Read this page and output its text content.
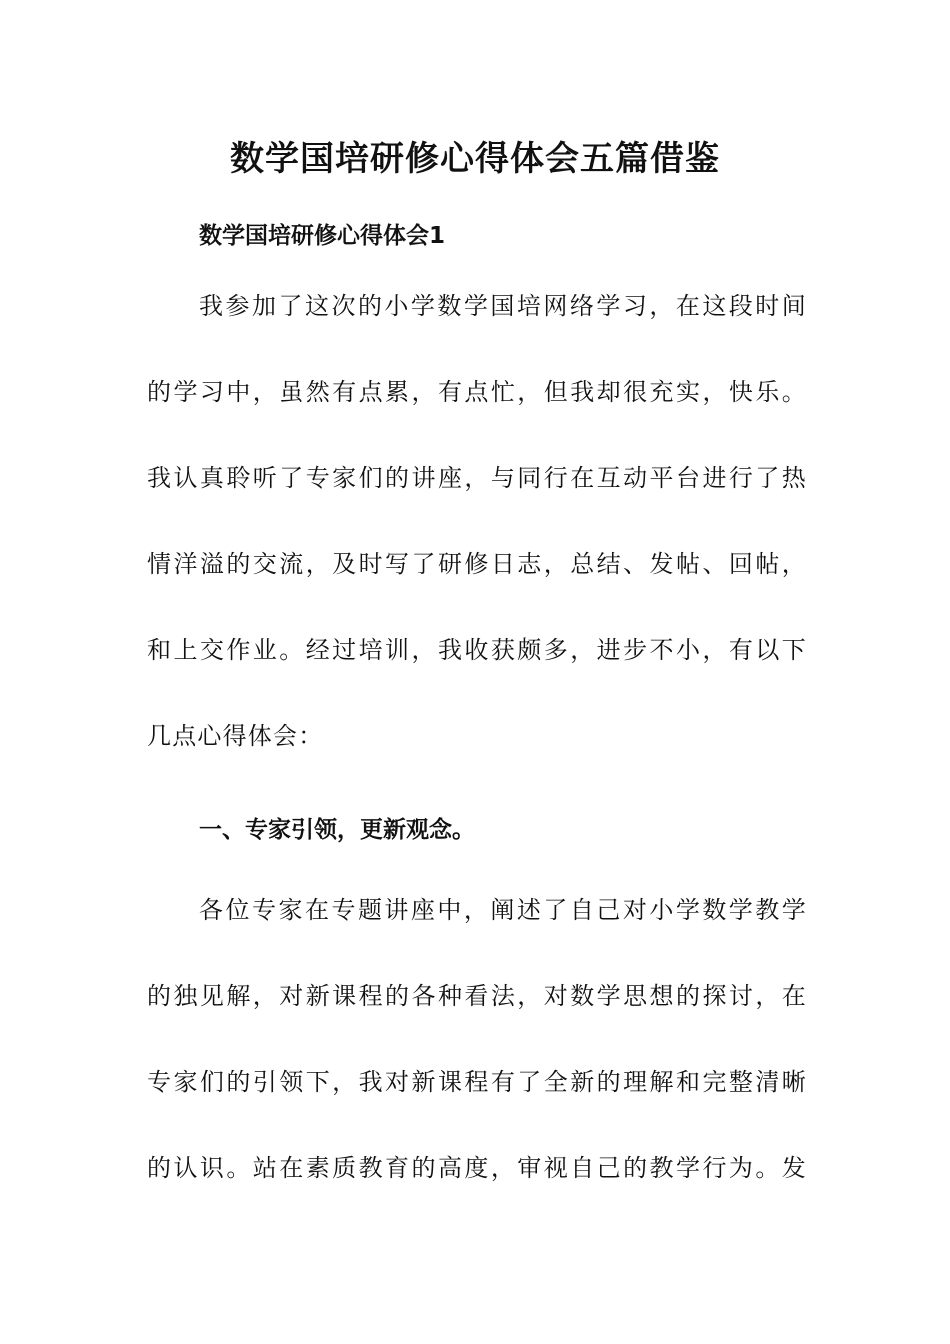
数学国培研修心得体会五篇借鉴
数学国培研修心得体会1
我参加了这次的小学数学国培网络学习，在这段时间
的学习中，虽然有点累，有点忙，但我却很充实，快乐。
我认真聆听了专家们的讲座，与同行在互动平台进行了热
情洋溢的交流，及时写了研修日志，总结、发帖、回帖，
和上交作业。经过培训，我收获颇多，进步不小，有以下
几点心得体会：
一、专家引领，更新观念。
各位专家在专题讲座中，阐述了自己对小学数学教学
的独见解，对新课程的各种看法，对数学思想的探讨，在
专家们的引领下，我对新课程有了全新的理解和完整清晰
的认识。站在素质教育的高度，审视自己的教学行为。发
